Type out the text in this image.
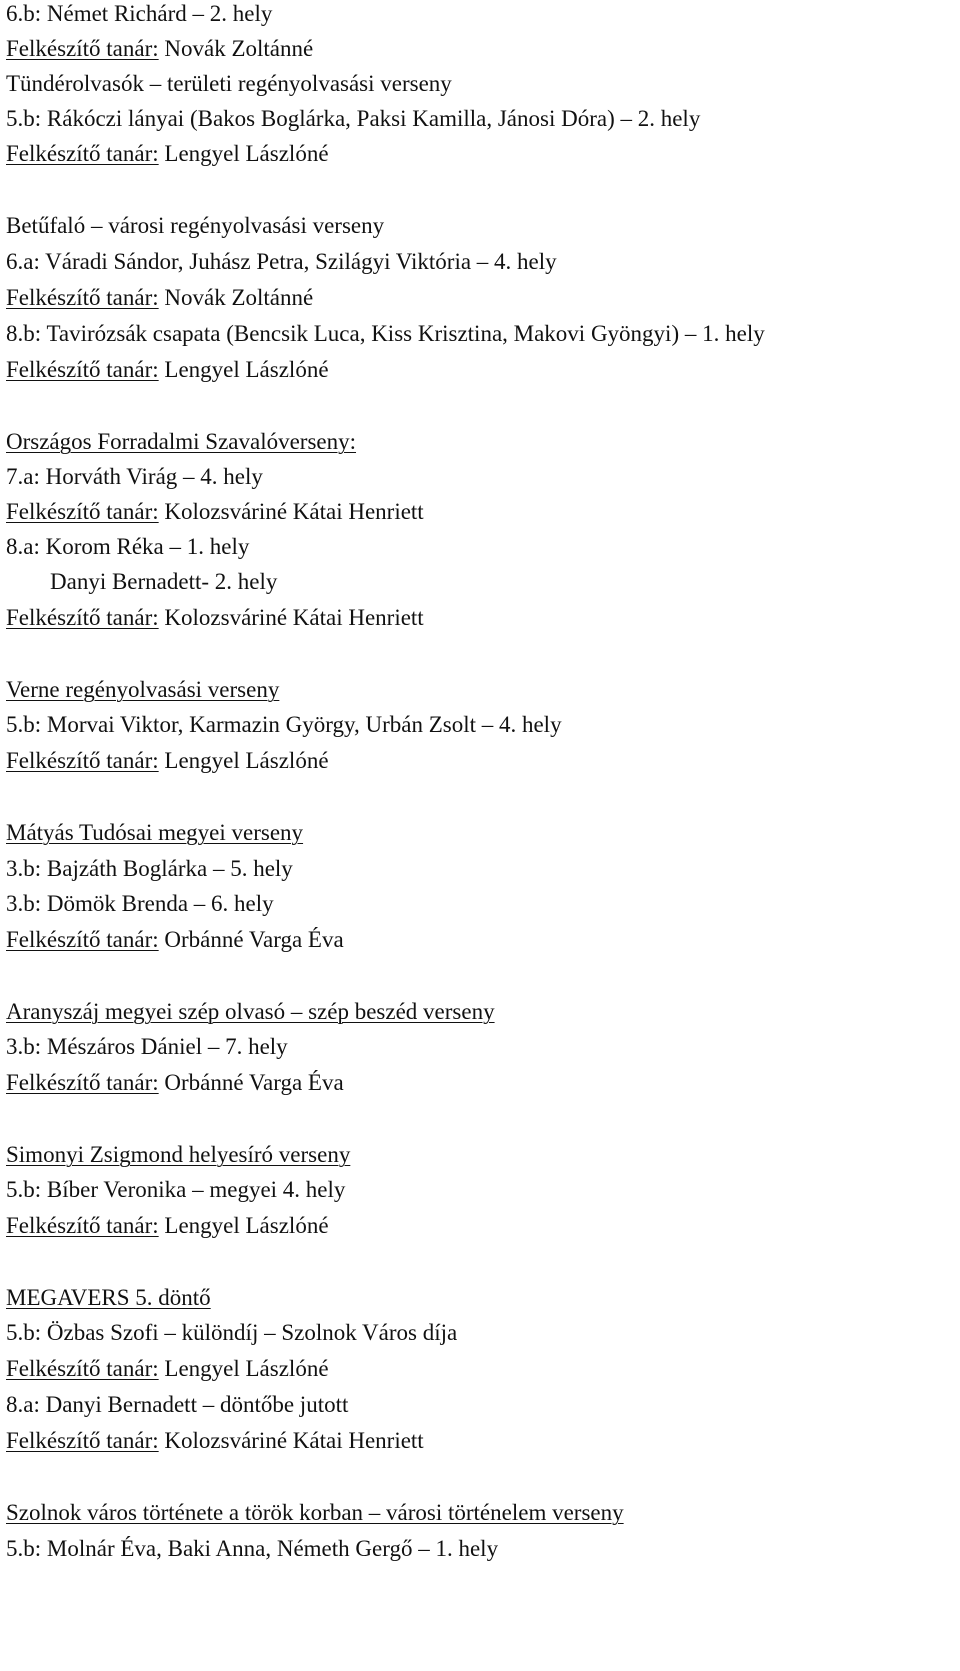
6.b: Német Richárd – 2. hely
Felkészítő tanár: Novák Zoltánné
Tündérolvasók – területi regényolvasási verseny
5.b: Rákóczi lányai (Bakos Boglárka, Paksi Kamilla, Jánosi Dóra) – 2. hely
Felkészítő tanár: Lengyel Lászlóné
Betűfaló – városi regényolvasási verseny
6.a: Váradi Sándor, Juhász Petra, Szilágyi Viktória – 4. hely
Felkészítő tanár: Novák Zoltánné
8.b: Tavirózsák csapata (Bencsik Luca, Kiss Krisztina, Makovi Gyöngyi) – 1. hely
Felkészítő tanár: Lengyel Lászlóné
Országos Forradalmi Szavalóverseny:
7.a: Horváth Virág – 4. hely
Felkészítő tanár: Kolozsváriné Kátai Henriett
8.a: Korom Réka – 1. hely
Danyi Bernadett- 2. hely
Felkészítő tanár: Kolozsváriné Kátai Henriett
Verne regényolvasási verseny
5.b: Morvai Viktor, Karmazin György, Urbán Zsolt – 4. hely
Felkészítő tanár: Lengyel Lászlóné
Mátyás Tudósai megyei verseny
3.b: Bajzáth Boglárka – 5. hely
3.b: Dömök Brenda – 6. hely
Felkészítő tanár: Orbánné Varga Éva
Aranyszáj megyei szép olvasó – szép beszéd verseny
3.b: Mészáros Dániel – 7. hely
Felkészítő tanár: Orbánné Varga Éva
Simonyi Zsigmond helyesíró verseny
5.b: Bíber Veronika – megyei 4. hely
Felkészítő tanár: Lengyel Lászlóné
MEGAVERS 5. döntő
5.b: Özbas Szofi – különdíj – Szolnok Város díja
Felkészítő tanár: Lengyel Lászlóné
8.a: Danyi Bernadett – döntőbe jutott
Felkészítő tanár: Kolozsváriné Kátai Henriett
Szolnok város története a török korban – városi történelem verseny
5.b: Molnár Éva, Baki Anna, Németh Gergő – 1. hely
